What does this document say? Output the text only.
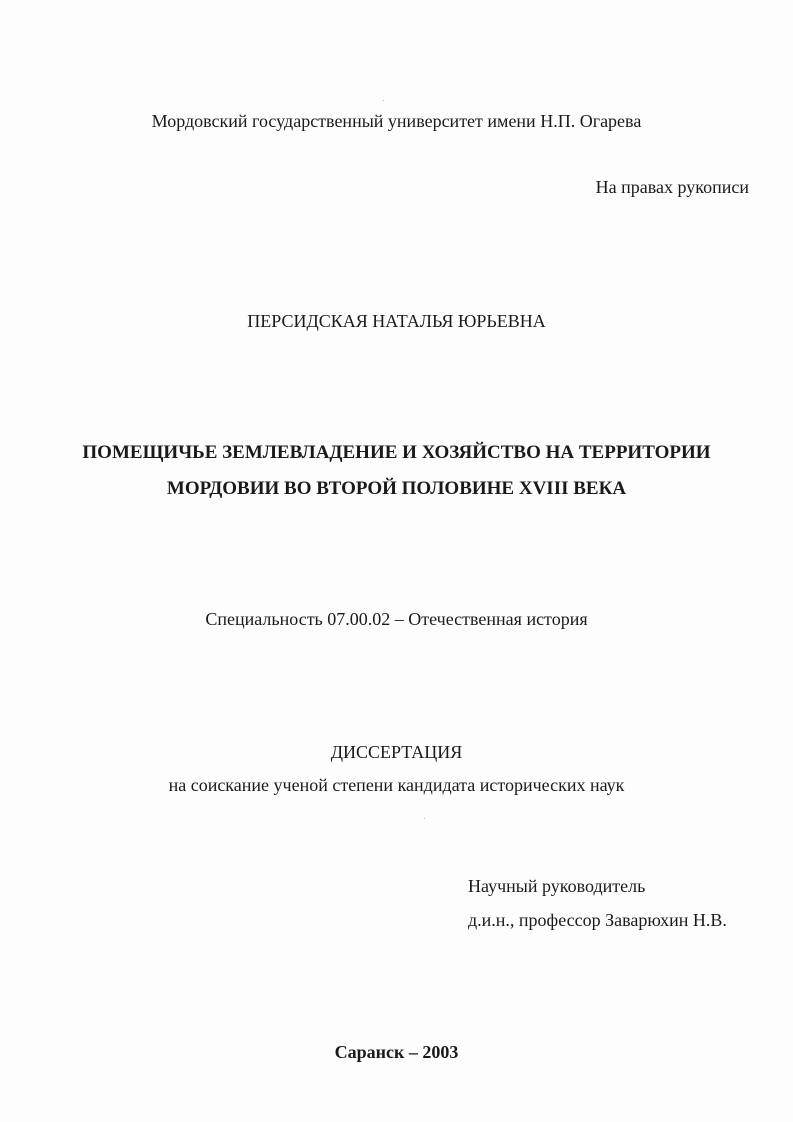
Мордовский государственный университет имени Н.П. Огарева
На правах рукописи
ПЕРСИДСКАЯ НАТАЛЬЯ ЮРЬЕВНА
ПОМЕЩИЧЬЕ ЗЕМЛЕВЛАДЕНИЕ И ХОЗЯЙСТВО НА ТЕРРИТОРИИ
МОРДОВИИ ВО ВТОРОЙ ПОЛОВИНЕ XVIII ВЕКА
Специальность 07.00.02 – Отечественная история
ДИССЕРТАЦИЯ
на соискание ученой степени кандидата исторических наук
Научный руководитель
д.и.н., профессор Заварюхин Н.В.
Саранск – 2003
